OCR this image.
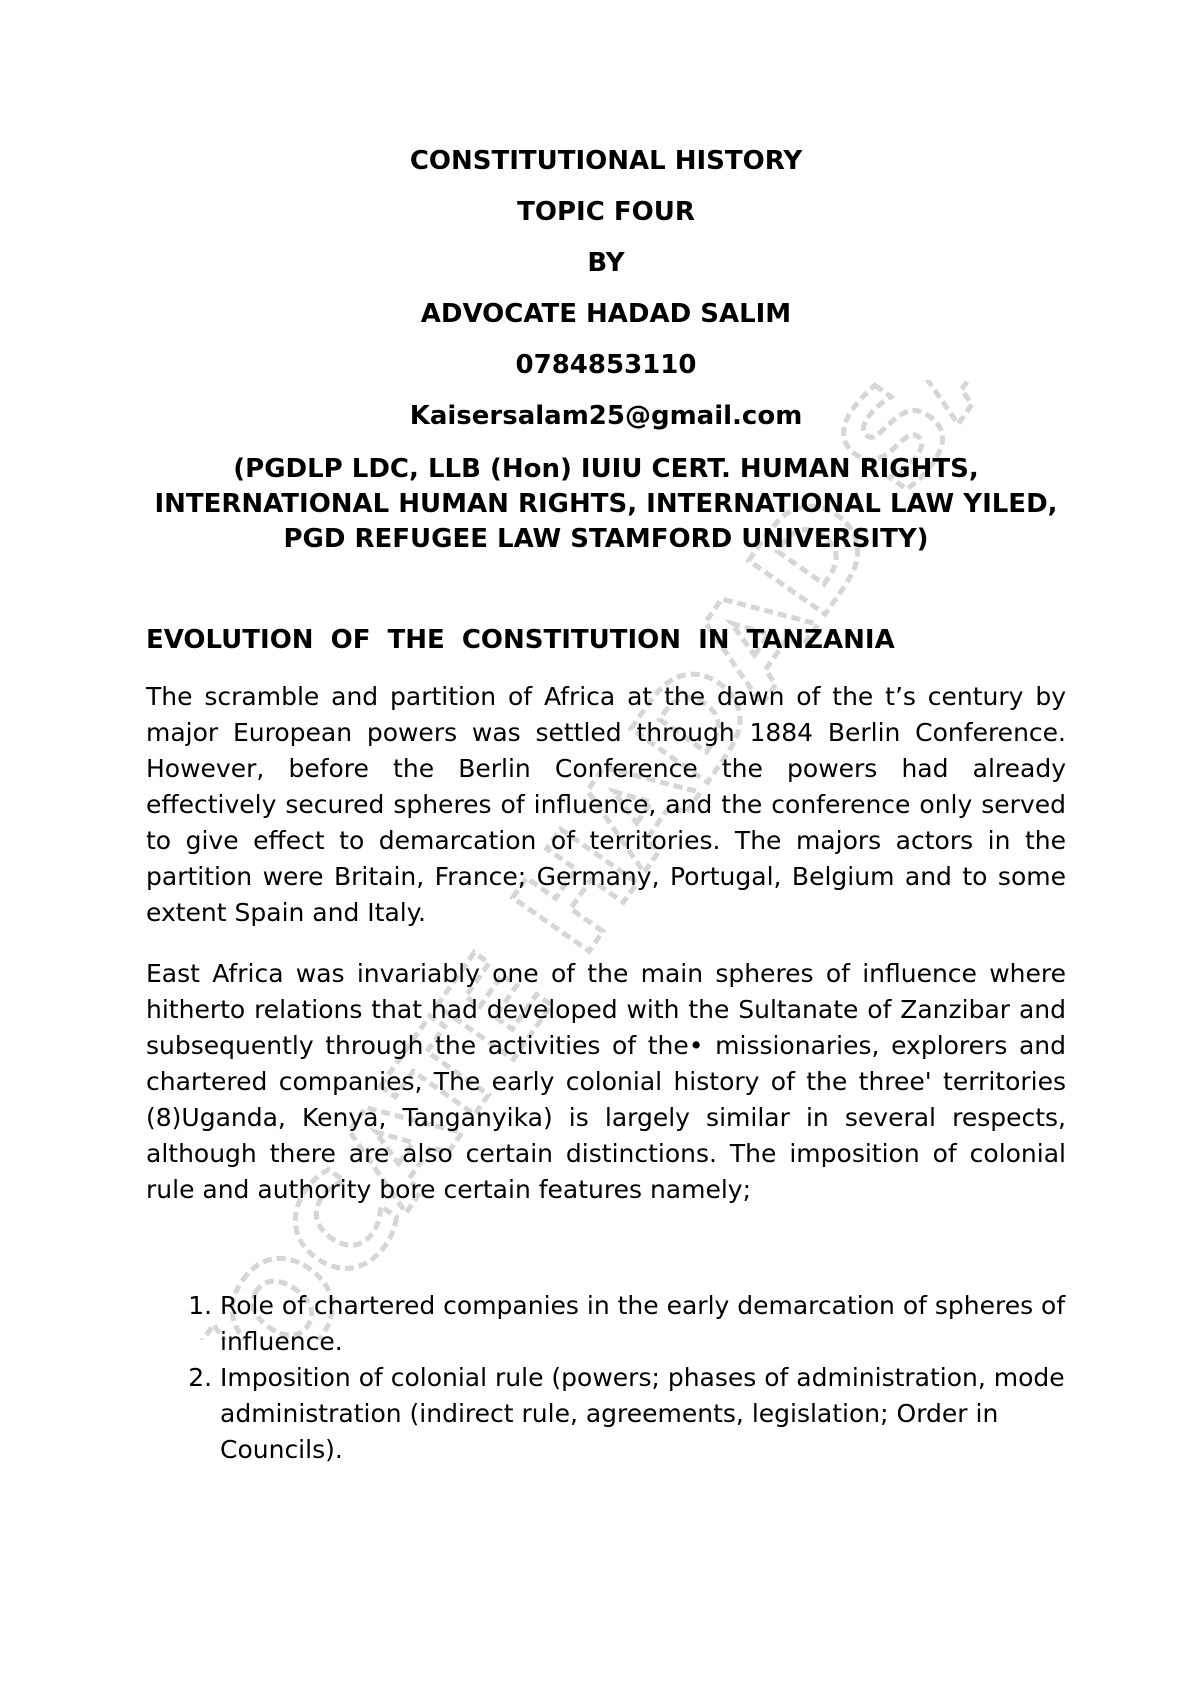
ADVOCATE HADAD

CONSTITUTIONAL HISTORY

TOPIC FOUR

BY

ADVOCATE HADAD SALIM

0784853110

Kaisersalam25@gmail.com

(PGDLP LDC, LLB (Hon) IUIU CERT. HUMAN RIGHTS, INTERNATIONAL HUMAN RIGHTS, INTERNATIONAL LAW YILED, PGD REFUGEE LAW STAMFORD UNIVERSITY)

EVOLUTION OF THE CONSTITUTION IN TANZANIA

The scramble and partition of Africa at the dawn of the t’s century by major European powers was settled through 1884 Berlin Conference. However, before the Berlin Conference the powers had already effectively secured spheres of influence, and the conference only served to give effect to demarcation of territories. The majors actors in the partition were Britain, France; Germany, Portugal, Belgium and to some extent Spain and Italy.

East Africa was invariably one of the main spheres of influence where hitherto relations that had developed with the Sultanate of Zanzibar and subsequently through the activities of the• missionaries, explorers and chartered companies, The early colonial history of the three' territories (8)Uganda, Kenya, Tanganyika) is largely similar in several respects, although there are also certain distinctions. The imposition of colonial rule and authority bore certain features namely;

1. Role of chartered companies in the early demarcation of spheres of influence.
2. Imposition of colonial rule (powers; phases of administration, mode administration (indirect rule, agreements, legislation; Order in Councils).
